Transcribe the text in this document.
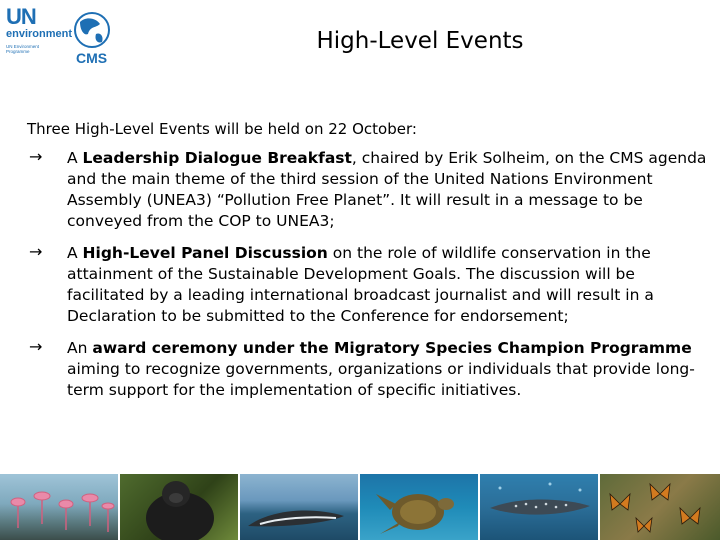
UN
environment
UN Environment Programme	CMS
High-Level Events
Three High-Level Events will be held on 22 October:
→ A Leadership Dialogue Breakfast, chaired by Erik Solheim, on the CMS agenda and the main theme of the third session of the United Nations Environment Assembly (UNEA3) “Pollution Free Planet”. It will result in a message to be conveyed from the COP to UNEA3;
→ A High-Level Panel Discussion on the role of wildlife conservation in the attainment of the Sustainable Development Goals. The discussion will be facilitated by a leading international broadcast journalist and will result in a Declaration to be submitted to the Conference for endorsement;
→ An award ceremony under the Migratory Species Champion Programme aiming to recognize governments, organizations or individuals that provide long-term support for the implementation of specific initiatives.
